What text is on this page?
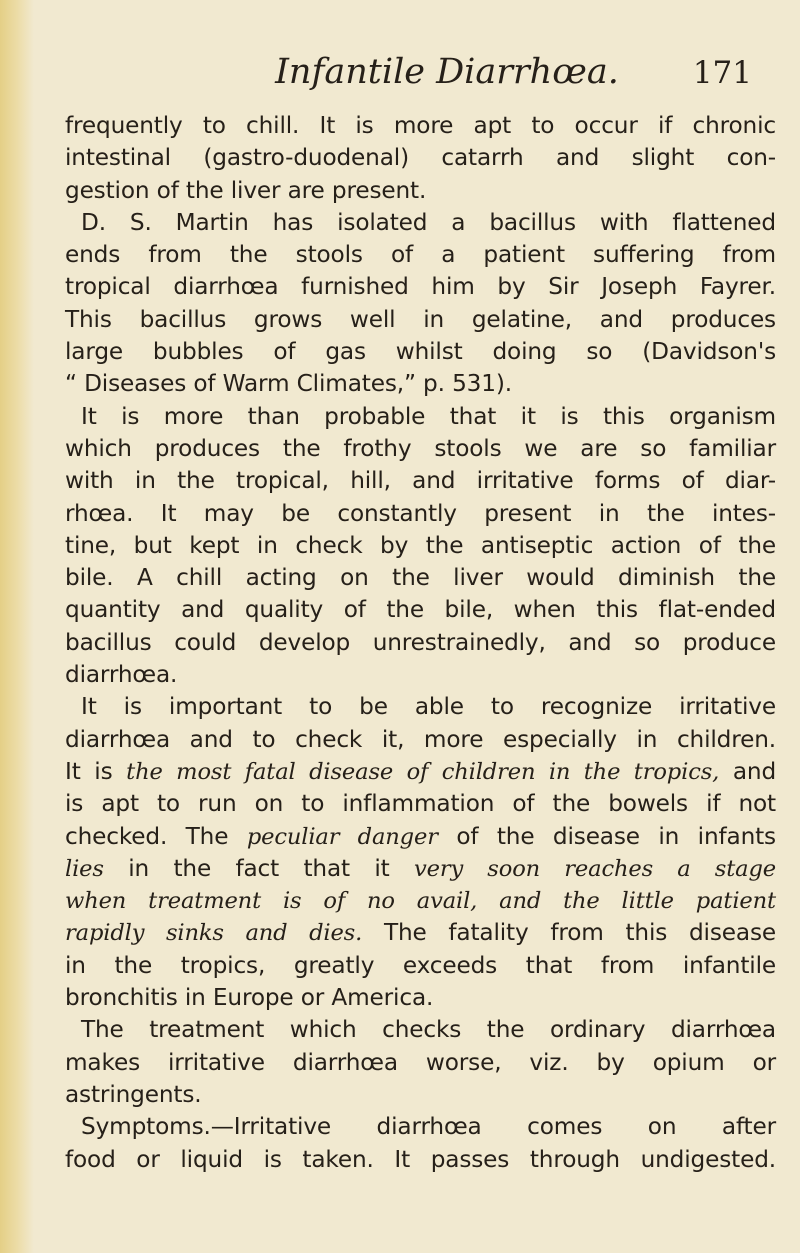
Infantile Diarrhœa. 171
frequently to chill. It is more apt to occur if chronic
intestinal (gastro-duodenal) catarrh and slight con-
gestion of the liver are present.
D. S. Martin has isolated a bacillus with flattened
ends from the stools of a patient suffering from
tropical diarrhœa furnished him by Sir Joseph Fayrer.
This bacillus grows well in gelatine, and produces
large bubbles of gas whilst doing so (Davidson's
“ Diseases of Warm Climates,” p. 531).
It is more than probable that it is this organism
which produces the frothy stools we are so familiar
with in the tropical, hill, and irritative forms of diar-
rhœa. It may be constantly present in the intes-
tine, but kept in check by the antiseptic action of the
bile. A chill acting on the liver would diminish the
quantity and quality of the bile, when this flat-ended
bacillus could develop unrestrainedly, and so produce
diarrhœa.
It is important to be able to recognize irritative
diarrhœa and to check it, more especially in children.
It is the most fatal disease of children in the tropics, and
is apt to run on to inflammation of the bowels if not
checked. The peculiar danger of the disease in infants
lies in the fact that it very soon reaches a stage
when treatment is of no avail, and the little patient
rapidly sinks and dies. The fatality from this disease
in the tropics, greatly exceeds that from infantile
bronchitis in Europe or America.
The treatment which checks the ordinary diarrhœa
makes irritative diarrhœa worse, viz. by opium or
astringents.
Symptoms.—Irritative diarrhœa comes on after
food or liquid is taken. It passes through undigested.
